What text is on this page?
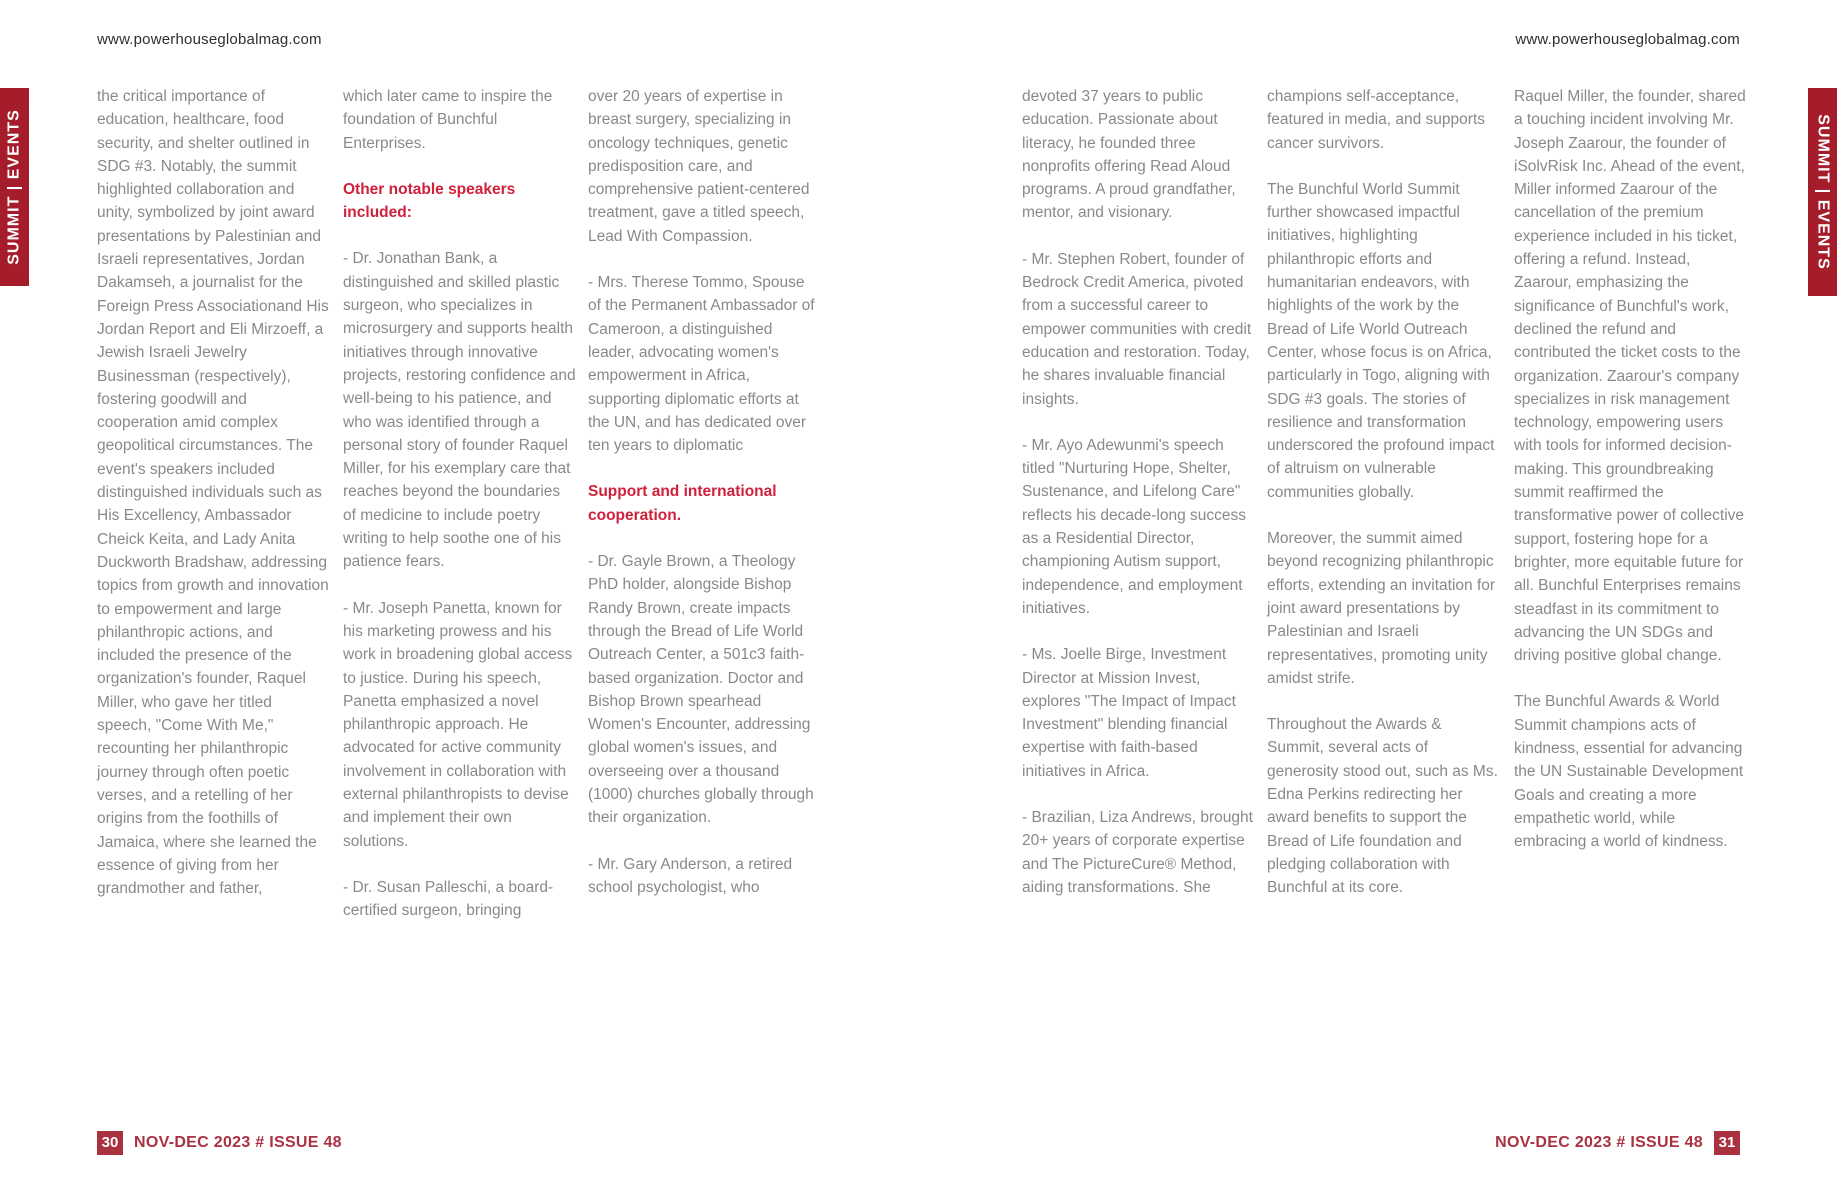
www.powerhouseglobalmag.com	www.powerhouseglobalmag.com
SUMMIT | EVENTS	SUMMIT | EVENTS

the critical importance of education, healthcare, food security, and shelter outlined in SDG #3. Notably, the summit highlighted collaboration and unity, symbolized by joint award presentations by Palestinian and Israeli representatives, Jordan Dakamseh, a journalist for the Foreign Press Associationand His Jordan Report and Eli Mirzoeff, a Jewish Israeli Jewelry Businessman (respectively), fostering goodwill and cooperation amid complex geopolitical circumstances. The event's speakers included distinguished individuals such as His Excellency, Ambassador Cheick Keita, and Lady Anita Duckworth Bradshaw, addressing topics from growth and innovation to empowerment and large philanthropic actions, and included the presence of the organization's founder, Raquel Miller, who gave her titled speech, "Come With Me," recounting her philanthropic journey through often poetic verses, and a retelling of her origins from the foothills of Jamaica, where she learned the essence of giving from her grandmother and father,

which later came to inspire the foundation of Bunchful Enterprises.

Other notable speakers included:

- Dr. Jonathan Bank, a distinguished and skilled plastic surgeon, who specializes in microsurgery and supports health initiatives through innovative projects, restoring confidence and well-being to his patience, and who was identified through a personal story of founder Raquel Miller, for his exemplary care that reaches beyond the boundaries of medicine to include poetry writing to help soothe one of his patience fears.

- Mr. Joseph Panetta, known for his marketing prowess and his work in broadening global access to justice. During his speech, Panetta emphasized a novel philanthropic approach. He advocated for active community involvement in collaboration with external philanthropists to devise and implement their own solutions.

- Dr. Susan Palleschi, a board-certified surgeon, bringing

over 20 years of expertise in breast surgery, specializing in oncology techniques, genetic predisposition care, and comprehensive patient-centered treatment, gave a titled speech, Lead With Compassion.

- Mrs. Therese Tommo, Spouse of the Permanent Ambassador of Cameroon, a distinguished leader, advocating women's empowerment in Africa, supporting diplomatic efforts at the UN, and has dedicated over ten years to diplomatic

Support and international cooperation.

- Dr. Gayle Brown, a Theology PhD holder, alongside Bishop Randy Brown, create impacts through the Bread of Life World Outreach Center, a 501c3 faith-based organization. Doctor and Bishop Brown spearhead Women's Encounter, addressing global women's issues, and overseeing over a thousand (1000) churches globally through their organization.

- Mr. Gary Anderson, a retired school psychologist, who

devoted 37 years to public education. Passionate about literacy, he founded three nonprofits offering Read Aloud programs. A proud grandfather, mentor, and visionary.

- Mr. Stephen Robert, founder of Bedrock Credit America, pivoted from a successful career to empower communities with credit education and restoration. Today, he shares invaluable financial insights.

- Mr. Ayo Adewunmi's speech titled "Nurturing Hope, Shelter, Sustenance, and Lifelong Care" reflects his decade-long success as a Residential Director, championing Autism support, independence, and employment initiatives.

- Ms. Joelle Birge, Investment Director at Mission Invest, explores "The Impact of Impact Investment" blending financial expertise with faith-based initiatives in Africa.

- Brazilian, Liza Andrews, brought 20+ years of corporate expertise and The PictureCure® Method, aiding transformations. She

champions self-acceptance, featured in media, and supports cancer survivors.

The Bunchful World Summit further showcased impactful initiatives, highlighting philanthropic efforts and humanitarian endeavors, with highlights of the work by the Bread of Life World Outreach Center, whose focus is on Africa, particularly in Togo, aligning with SDG #3 goals. The stories of resilience and transformation underscored the profound impact of altruism on vulnerable communities globally.

Moreover, the summit aimed beyond recognizing philanthropic efforts, extending an invitation for joint award presentations by Palestinian and Israeli representatives, promoting unity amidst strife.

Throughout the Awards & Summit, several acts of generosity stood out, such as Ms. Edna Perkins redirecting her award benefits to support the Bread of Life foundation and pledging collaboration with Bunchful at its core.

Raquel Miller, the founder, shared a touching incident involving Mr. Joseph Zaarour, the founder of iSolvRisk Inc. Ahead of the event, Miller informed Zaarour of the cancellation of the premium experience included in his ticket, offering a refund. Instead, Zaarour, emphasizing the significance of Bunchful's work, declined the refund and contributed the ticket costs to the organization. Zaarour's company specializes in risk management technology, empowering users with tools for informed decision-making. This groundbreaking summit reaffirmed the transformative power of collective support, fostering hope for a brighter, more equitable future for all. Bunchful Enterprises remains steadfast in its commitment to advancing the UN SDGs and driving positive global change.

The Bunchful Awards & World Summit champions acts of kindness, essential for advancing the UN Sustainable Development Goals and creating a more empathetic world, while embracing a world of kindness.

30 NOV-DEC 2023 # ISSUE 48	NOV-DEC 2023 # ISSUE 48	31
